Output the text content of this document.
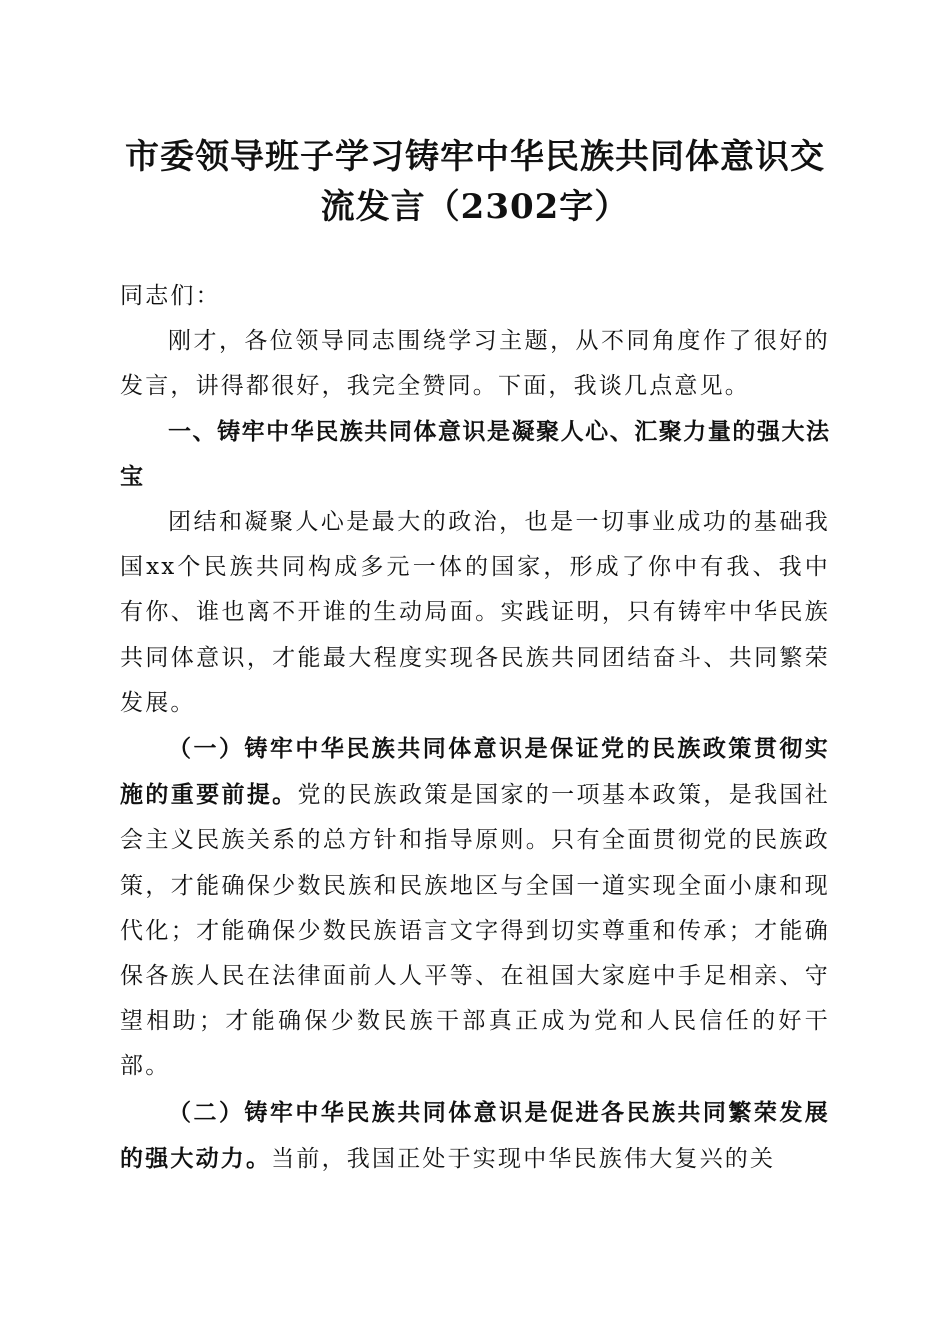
市委领导班子学习铸牢中华民族共同体意识交
流发言（2302字）

同志们：

刚才，各位领导同志围绕学习主题，从不同角度作了很好的发言，讲得都很好，我完全赞同。下面，我谈几点意见。

一、铸牢中华民族共同体意识是凝聚人心、汇聚力量的强大法宝

团结和凝聚人心是最大的政治，也是一切事业成功的基础我国xx个民族共同构成多元一体的国家，形成了你中有我、我中有你、谁也离不开谁的生动局面。实践证明，只有铸牢中华民族共同体意识，才能最大程度实现各民族共同团结奋斗、共同繁荣发展。

（一）铸牢中华民族共同体意识是保证党的民族政策贯彻实施的重要前提。党的民族政策是国家的一项基本政策，是我国社会主义民族关系的总方针和指导原则。只有全面贯彻党的民族政策，才能确保少数民族和民族地区与全国一道实现全面小康和现代化；才能确保少数民族语言文字得到切实尊重和传承；才能确保各族人民在法律面前人人平等、在祖国大家庭中手足相亲、守望相助；才能确保少数民族干部真正成为党和人民信任的好干部。

（二）铸牢中华民族共同体意识是促进各民族共同繁荣发展的强大动力。当前，我国正处于实现中华民族伟大复兴的关
